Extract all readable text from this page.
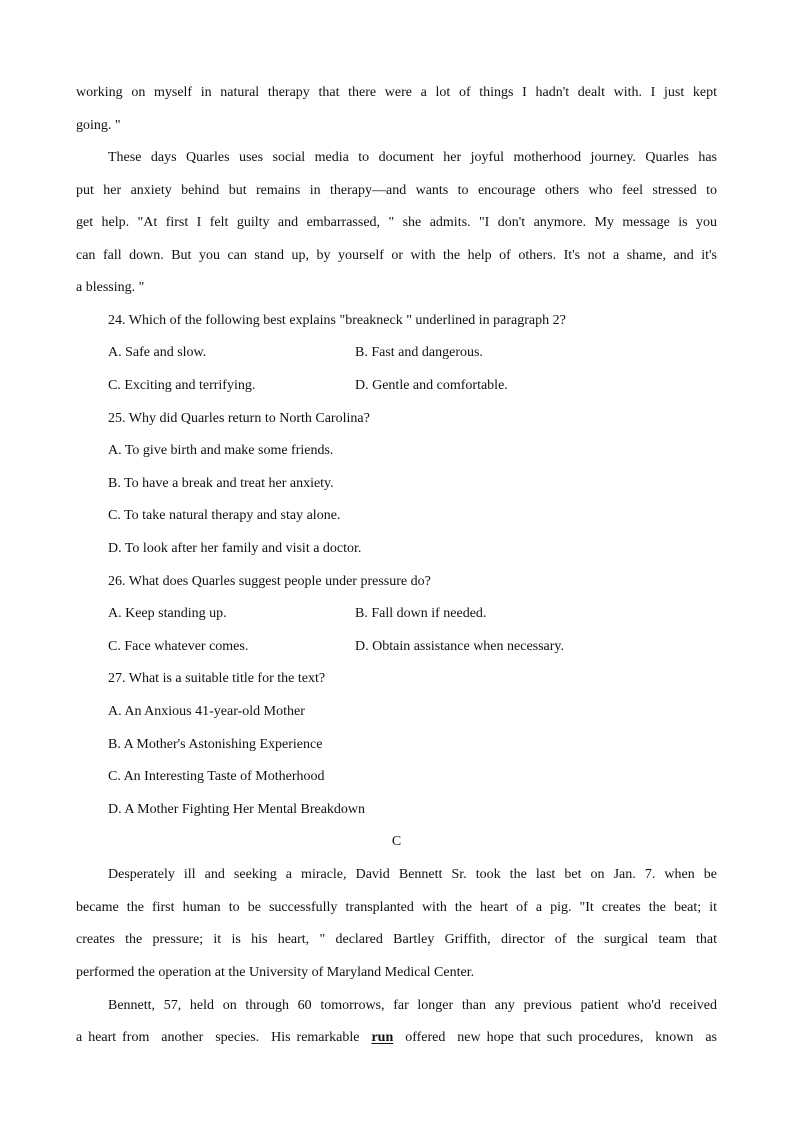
working on myself in natural therapy that there were a lot of things I hadn't dealt with. I just kept
going. "
These days Quarles uses social media to document her joyful motherhood journey. Quarles has
put her anxiety behind but remains in therapy—and wants to encourage others who feel stressed to
get help. "At first I felt guilty and embarrassed, " she admits. "I don't anymore. My message is you
can fall down. But you can stand up, by yourself or with the help of others. It's not a shame, and it's
a blessing. "
24. Which of the following best explains "breakneck " underlined in paragraph 2?
A. Safe and slow.	B. Fast and dangerous.
C. Exciting and terrifying.	D. Gentle and comfortable.
25. Why did Quarles return to North Carolina?
A. To give birth and make some friends.
B. To have a break and treat her anxiety.
C. To take natural therapy and stay alone.
D. To look after her family and visit a doctor.
26. What does Quarles suggest people under pressure do?
A. Keep standing up.	B. Fall down if needed.
C. Face whatever comes.	D. Obtain assistance when necessary.
27. What is a suitable title for the text?
A. An Anxious 41-year-old Mother
B. A Mother's Astonishing Experience
C. An Interesting Taste of Motherhood
D. A Mother Fighting Her Mental Breakdown
C
Desperately ill and seeking a miracle, David Bennett Sr. took the last bet on Jan. 7. when be
became the first human to be successfully transplanted with the heart of a pig. "It creates the beat; it
creates the pressure; it is his heart, " declared Bartley Griffith, director of the surgical team that
performed the operation at the University of Maryland Medical Center.
Bennett, 57, held on through 60 tomorrows, far longer than any previous patient who'd received
a heart from  another  species.  His remarkable  run  offered  new hope that such procedures,  known  as
